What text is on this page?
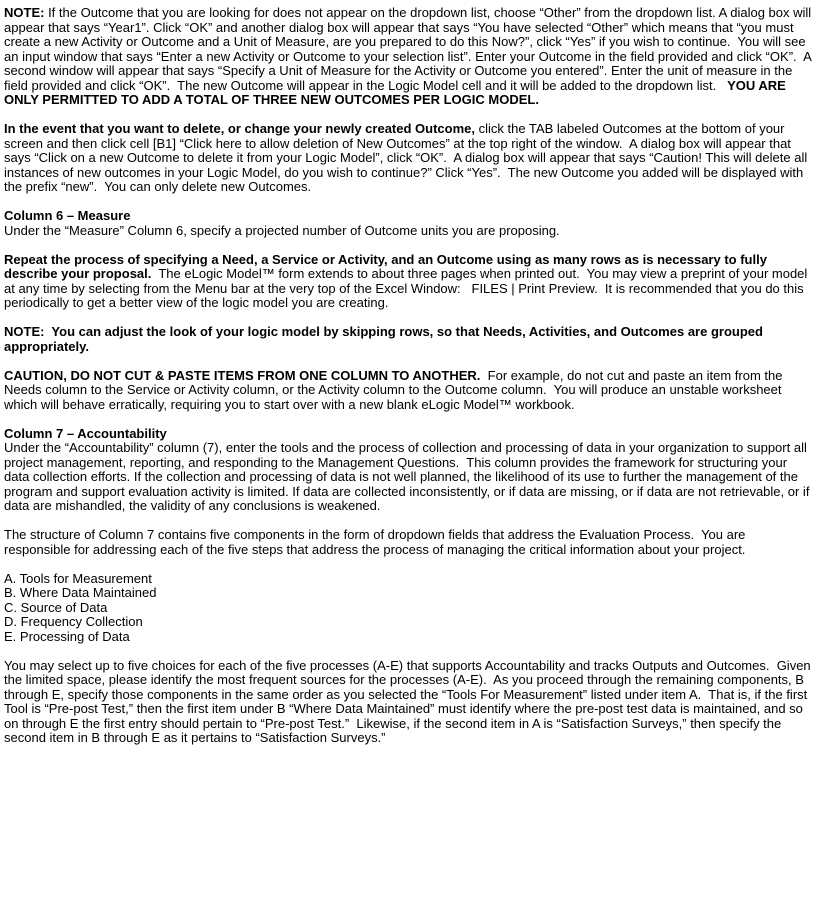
NOTE: If the Outcome that you are looking for does not appear on the dropdown list, choose “Other” from the dropdown list. A dialog box will appear that says “Year1”. Click “OK” and another dialog box will appear that says “You have selected “Other” which means that “you must create a new Activity or Outcome and a Unit of Measure, are you prepared to do this Now?”, click “Yes” if you wish to continue.  You will see an input window that says “Enter a new Activity or Outcome to your selection list”. Enter your Outcome in the field provided and click “OK”.  A second window will appear that says “Specify a Unit of Measure for the Activity or Outcome you entered”. Enter the unit of measure in the field provided and click “OK”.  The new Outcome will appear in the Logic Model cell and it will be added to the dropdown list.   YOU ARE ONLY PERMITTED TO ADD A TOTAL OF THREE NEW OUTCOMES PER LOGIC MODEL.

In the event that you want to delete, or change your newly created Outcome, click the TAB labeled Outcomes at the bottom of your screen and then click cell [B1] “Click here to allow deletion of New Outcomes” at the top right of the window.  A dialog box will appear that says “Click on a new Outcome to delete it from your Logic Model”, click “OK”.  A dialog box will appear that says “Caution! This will delete all instances of new outcomes in your Logic Model, do you wish to continue?” Click “Yes”.  The new Outcome you added will be displayed with the prefix “new”.  You can only delete new Outcomes.

Column 6 – Measure
Under the “Measure” Column 6, specify a projected number of Outcome units you are proposing.

Repeat the process of specifying a Need, a Service or Activity, and an Outcome using as many rows as is necessary to fully describe your proposal.  The eLogic Model™ form extends to about three pages when printed out.  You may view a preprint of your model at any time by selecting from the Menu bar at the very top of the Excel Window:   FILES | Print Preview.  It is recommended that you do this periodically to get a better view of the logic model you are creating.

NOTE:  You can adjust the look of your logic model by skipping rows, so that Needs, Activities, and Outcomes are grouped appropriately.

CAUTION, DO NOT CUT & PASTE ITEMS FROM ONE COLUMN TO ANOTHER.  For example, do not cut and paste an item from the Needs column to the Service or Activity column, or the Activity column to the Outcome column.  You will produce an unstable worksheet which will behave erratically, requiring you to start over with a new blank eLogic Model™ workbook.

Column 7 – Accountability
Under the “Accountability” column (7), enter the tools and the process of collection and processing of data in your organization to support all project management, reporting, and responding to the Management Questions.  This column provides the framework for structuring your data collection efforts. If the collection and processing of data is not well planned, the likelihood of its use to further the management of the program and support evaluation activity is limited. If data are collected inconsistently, or if data are missing, or if data are not retrievable, or if data are mishandled, the validity of any conclusions is weakened.

The structure of Column 7 contains five components in the form of dropdown fields that address the Evaluation Process.  You are responsible for addressing each of the five steps that address the process of managing the critical information about your project.

A. Tools for Measurement
B. Where Data Maintained
C. Source of Data
D. Frequency Collection
E. Processing of Data

You may select up to five choices for each of the five processes (A-E) that supports Accountability and tracks Outputs and Outcomes.  Given the limited space, please identify the most frequent sources for the processes (A-E).  As you proceed through the remaining components, B through E, specify those components in the same order as you selected the “Tools For Measurement” listed under item A.  That is, if the first Tool is “Pre-post Test,” then the first item under B “Where Data Maintained” must identify where the pre-post test data is maintained, and so on through E the first entry should pertain to “Pre-post Test.”  Likewise, if the second item in A is “Satisfaction Surveys,” then specify the second item in B through E as it pertains to “Satisfaction Surveys.”
